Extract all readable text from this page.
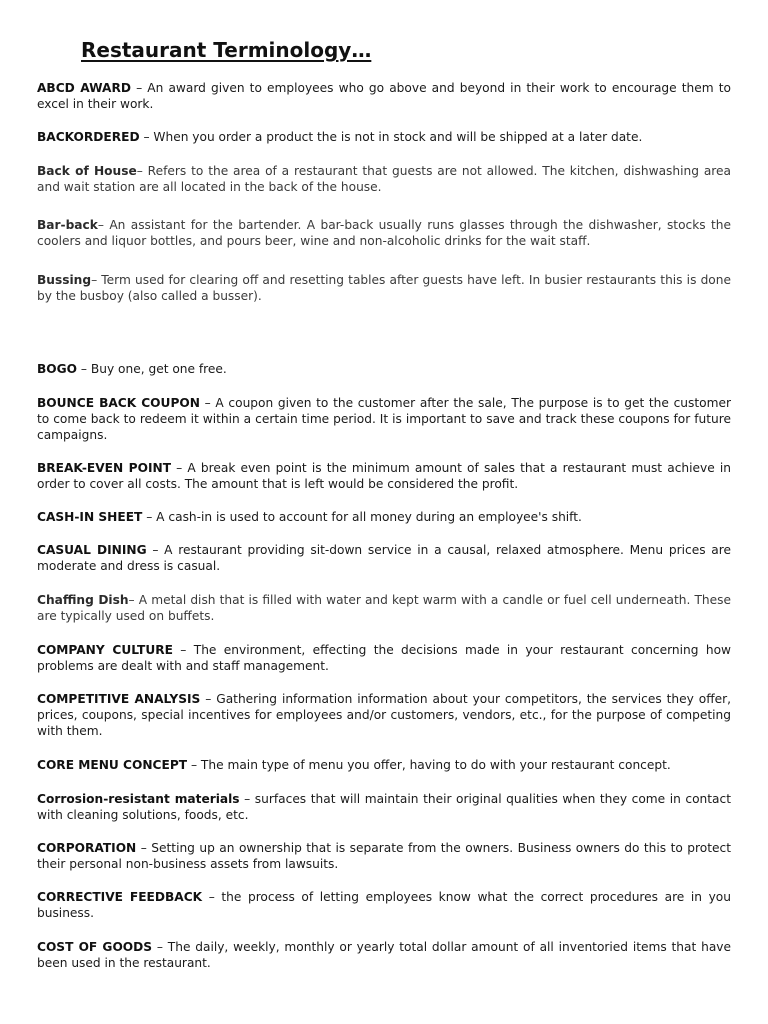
Restaurant Terminology…

ABCD AWARD – An award given to employees who go above and beyond in their work to encourage them to excel in their work.

BACKORDERED – When you order a product the is not in stock and will be shipped at a later date.

Back of House– Refers to the area of a restaurant that guests are not allowed. The kitchen, dishwashing area and wait station are all located in the back of the house.

Bar-back– An assistant for the bartender. A bar-back usually runs glasses through the dishwasher, stocks the coolers and liquor bottles, and pours beer, wine and non-alcoholic drinks for the wait staff.

Bussing– Term used for clearing off and resetting tables after guests have left. In busier restaurants this is done by the busboy (also called a busser).

BOGO – Buy one, get one free.

BOUNCE BACK COUPON – A coupon given to the customer after the sale, The purpose is to get the customer to come back to redeem it within a certain time period. It is important to save and track these coupons for future campaigns.

BREAK-EVEN POINT – A break even point is the minimum amount of sales that a restaurant must achieve in order to cover all costs. The amount that is left would be considered the profit.

CASH-IN SHEET – A cash-in is used to account for all money during an employee's shift.

CASUAL DINING – A restaurant providing sit-down service in a causal, relaxed atmosphere. Menu prices are moderate and dress is casual.

Chaffing Dish– A metal dish that is filled with water and kept warm with a candle or fuel cell underneath. These are typically used on buffets.

COMPANY CULTURE – The environment, effecting the decisions made in your restaurant concerning how problems are dealt with and staff management.

COMPETITIVE ANALYSIS – Gathering information information about your competitors, the services they offer, prices, coupons, special incentives for employees and/or customers, vendors, etc., for the purpose of competing with them.

CORE MENU CONCEPT – The main type of menu you offer, having to do with your restaurant concept.

Corrosion-resistant materials – surfaces that will maintain their original qualities when they come in contact with cleaning solutions, foods, etc.

CORPORATION – Setting up an ownership that is separate from the owners. Business owners do this to protect their personal non-business assets from lawsuits.

CORRECTIVE FEEDBACK – the process of letting employees know what the correct procedures are in you business.

COST OF GOODS – The daily, weekly, monthly or yearly total dollar amount of all inventoried items that have been used in the restaurant.
